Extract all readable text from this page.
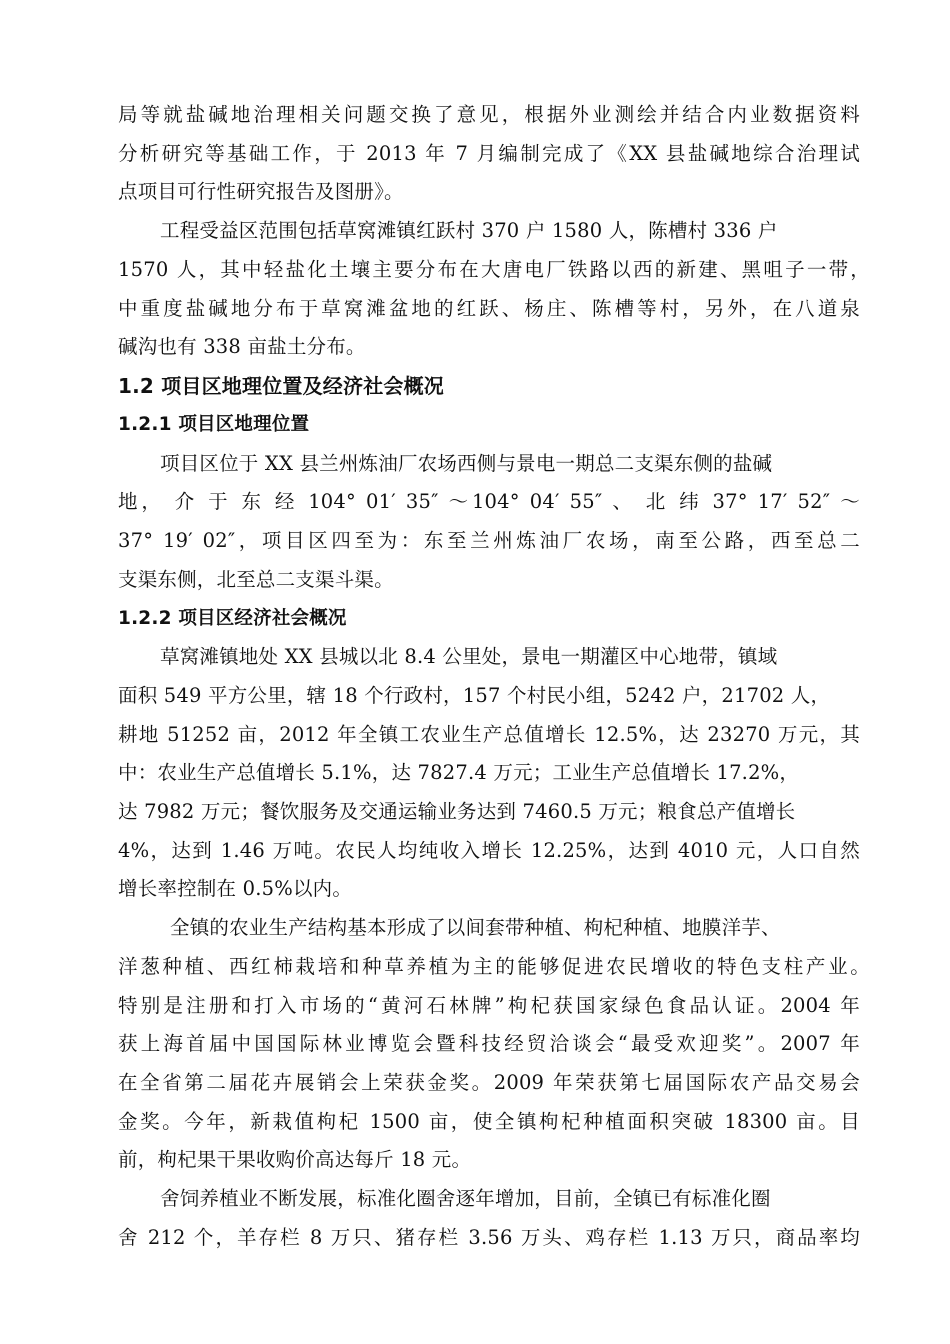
局等就盐碱地治理相关问题交换了意见，根据外业测绘并结合内业数据资料
分析研究等基础工作，于 2013 年 7 月编制完成了《XX 县盐碱地综合治理试
点项目可行性研究报告及图册》。
工程受益区范围包括草窝滩镇红跃村 370 户 1580 人，陈槽村 336 户
1570 人，其中轻盐化土壤主要分布在大唐电厂铁路以西的新建、黑咀子一带，
中重度盐碱地分布于草窝滩盆地的红跃、杨庄、陈槽等村，另外，在八道泉
碱沟也有 338 亩盐土分布。
1.2 项目区地理位置及经济社会概况
1.2.1 项目区地理位置
项目区位于 XX 县兰州炼油厂农场西侧与景电一期总二支渠东侧的盐碱
地， 介 于 东 经 104° 01′ 35″ ～104° 04′ 55″ 、 北 纬 37° 17′ 52″ ～
37° 19′ 02″，项目区四至为：东至兰州炼油厂农场，南至公路，西至总二
支渠东侧，北至总二支渠斗渠。
1.2.2 项目区经济社会概况
草窝滩镇地处 XX 县城以北 8.4 公里处，景电一期灌区中心地带，镇域
面积 549 平方公里，辖 18 个行政村，157 个村民小组，5242 户，21702 人，
耕地 51252 亩，2012 年全镇工农业生产总值增长 12.5%，达 23270 万元，其
中：农业生产总值增长 5.1%，达 7827.4 万元；工业生产总值增长 17.2%，
达 7982 万元；餐饮服务及交通运输业务达到 7460.5 万元；粮食总产值增长
4%，达到 1.46 万吨。农民人均纯收入增长 12.25%，达到 4010 元，人口自然
增长率控制在 0.5%以内。
全镇的农业生产结构基本形成了以间套带种植、枸杞种植、地膜洋芋、
洋葱种植、西红柿栽培和种草养植为主的能够促进农民增收的特色支柱产业。
特别是注册和打入市场的“黄河石林牌”枸杞获国家绿色食品认证。2004 年
获上海首届中国国际林业博览会暨科技经贸洽谈会“最受欢迎奖”。2007 年
在全省第二届花卉展销会上荣获金奖。2009 年荣获第七届国际农产品交易会
金奖。今年，新栽值枸杞 1500 亩，使全镇枸杞种植面积突破 18300 亩。目
前，枸杞果干果收购价高达每斤 18 元。
舍饲养植业不断发展，标准化圈舍逐年增加，目前，全镇已有标准化圈
舍 212 个，羊存栏 8 万只、猪存栏 3.56 万头、鸡存栏 1.13 万只，商品率均
